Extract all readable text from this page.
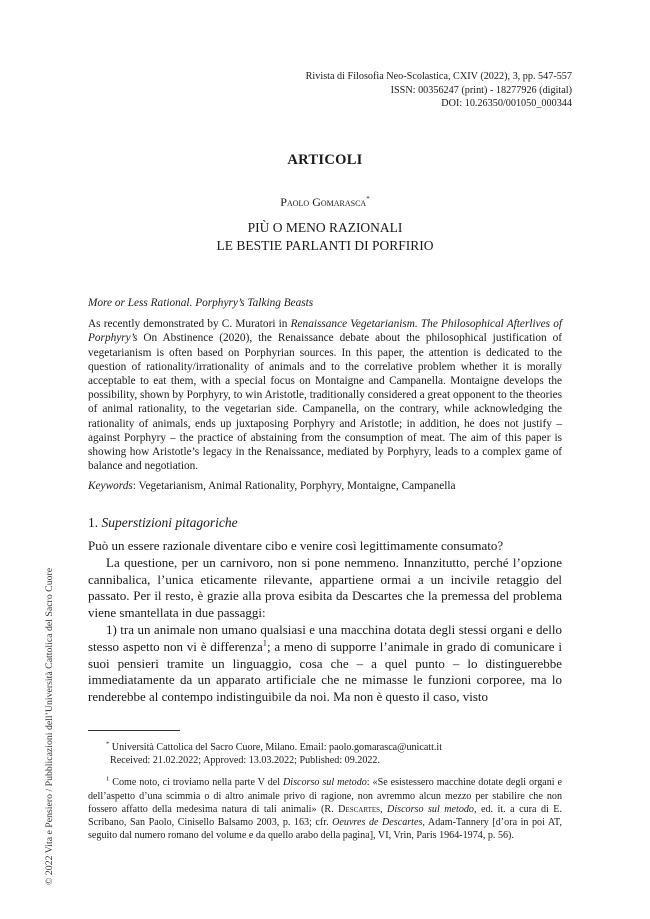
Rivista di Filosofia Neo-Scolastica, CXIV (2022), 3, pp. 547-557
ISSN: 00356247 (print) - 18277926 (digital)
DOI: 10.26350/001050_000344
ARTICOLI
Paolo Gomarasca*
PIÙ O MENO RAZIONALI
LE BESTIE PARLANTI DI PORFIRIO
More or Less Rational. Porphyry’s Talking Beasts

As recently demonstrated by C. Muratori in Renaissance Vegetarianism. The Philosophical Afterlives of Porphyry’s On Abstinence (2020), the Renaissance debate about the philosophical justification of vegetarianism is often based on Porphyrian sources. In this paper, the attention is dedicated to the question of rationality/irrationality of animals and to the correlative problem whether it is morally acceptable to eat them, with a special focus on Montaigne and Campanella. Montaigne develops the possibility, shown by Porphyry, to win Aristotle, traditionally considered a great opponent to the theories of animal rationality, to the vegetarian side. Campanella, on the contrary, while acknowledging the rationality of animals, ends up juxtaposing Porphyry and Aristotle; in addition, he does not justify – against Porphyry – the practice of abstaining from the consumption of meat. The aim of this paper is showing how Aristotle’s legacy in the Renaissance, mediated by Porphyry, leads to a complex game of balance and negotiation.

Keywords: Vegetarianism, Animal Rationality, Porphyry, Montaigne, Campanella

1. Superstizioni pitagoriche

Può un essere razionale diventare cibo e venire così legittimamente consumato?

La questione, per un carnivoro, non si pone nemmeno. Innanzitutto, perché l’opzione cannibalica, l’unica eticamente rilevante, appartiene ormai a un incivile retaggio del passato. Per il resto, è grazie alla prova esibita da Descartes che la premessa del problema viene smantellata in due passaggi:

1) tra un animale non umano qualsiasi e una macchina dotata degli stessi organi e dello stesso aspetto non vi è differenza$^1$; a meno di supporre l’animale in grado di comunicare i suoi pensieri tramite un linguaggio, cosa che – a quel punto – lo distinguerebbe immediatamente da un apparato artificiale che ne mimasse le funzioni corporee, ma lo renderebbe al contempo indistinguibile da noi. Ma non è questo il caso, visto

* Università Cattolica del Sacro Cuore, Milano. Email: paolo.gomarasca@unicatt.it
Received: 21.02.2022; Approved: 13.03.2022; Published: 09.2022.

$^1$ Come noto, ci troviamo nella parte V del Discorso sul metodo: «Se esistessero macchine dotate degli organi e dell’aspetto d’una scimmia o di altro animale privo di ragione, non avremmo alcun mezzo per stabilire che non fossero affatto della medesima natura di tali animali» (R. Descartes, Discorso sul metodo, ed. it. a cura di E. Scribano, San Paolo, Cinisello Balsamo 2003, p. 163; cfr. Oeuvres de Descartes, Adam-Tannery [d’ora in poi AT, seguito dal numero romano del volume e da quello arabo della pagina], VI, Vrin, Paris 1964-1974, p. 56).

© 2022 Vita e Pensiero / Pubblicazioni dell’Università Cattolica del Sacro Cuore
